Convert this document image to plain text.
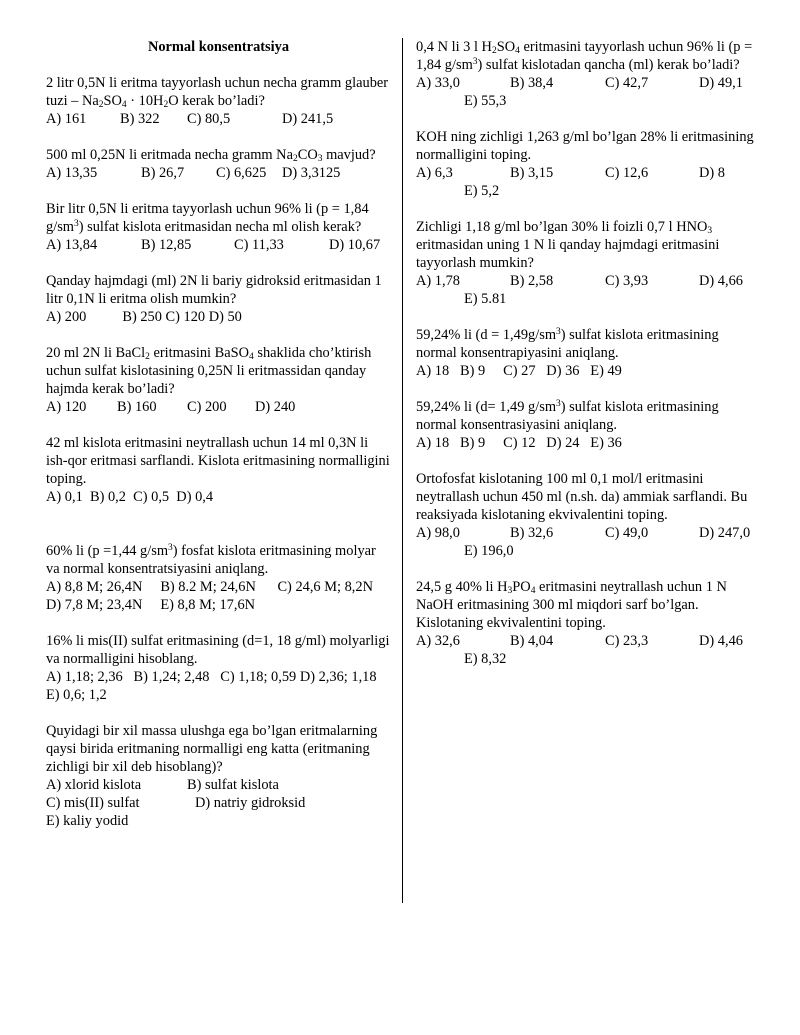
Normal konsentratsiya

2 litr 0,5N li eritma tayyorlash uchun necha gramm glauber tuzi – $Na_2SO_4 \cdot 10H_2O$ kerak bo’ladi?

A) 161 B) 322 C) 80,5	D) 241,5

500 ml 0,25N li eritmada necha gramm $Na_2CO_3$ mavjud?

A) 13,35	B) 26,7 C) 6,625 D) 3,3125

Bir litr 0,5N li eritma tayyorlash uchun 96% li (p = 1,84 $g/sm^3$) sulfat kislota eritmasidan necha ml olish kerak?

A) 13,84	B) 12,85	C) 11,33	D) 10,67

Qanday hajmdagi (ml) 2N li bariy gidroksid eritmasidan 1 litr 0,1N li eritma olish mumkin?

A) 200          B) 250 C) 120 D) 50

20 ml 2N li BaCl$_2$ eritmasini BaSO$_4$ shaklida cho’ktirish uchun sulfat kislotasining 0,25N li eritmassidan qanday hajmda kerak bo’ladi?

A) 120 B) 160 C) 200 D) 240

42 ml kislota eritmasini neytrallash uchun 14 ml 0,3N li ish-qor eritmasi sarflandi. Kislota eritmasining normalligini toping.

A) 0,1  B) 0,2  C) 0,5  D) 0,4

60% li (p =1,44 $g/sm^3$) fosfat kislota eritmasining molyar va normal konsentratsiyasini aniqlang.

A) 8,8 M; 26,4N     B) 8.2 M; 24,6N      C) 24,6 M; 8,2N

D) 7,8 M; 23,4N     E) 8,8 M; 17,6N

16% li mis(II) sulfat eritmasining (d=1, 18 g/ml) molyarligi va normalligini hisoblang.

A) 1,18; 2,36   B) 1,24; 2,48   C) 1,18; 0,59 D) 2,36; 1,18     E) 0,6; 1,2

Quyidagi bir xil massa ulushga ega bo’lgan eritmalarning qaysi birida eritmaning normalligi eng katta (eritmaning zichligi bir xil deb hisoblang)?

A) xlorid kislota	B) sulfat kislota
C) mis(II) sulfat	D) natriy gidroksid

E) kaliy yodid

0,4 N li 3 l $H_2SO_4$ eritmasini tayyorlash uchun 96% li (p = 1,84 $g/sm^3$) sulfat kislotadan qancha (ml) kerak bo’ladi?

A) 33,0	B) 38,4	C) 42,7	D) 49,1

E) 55,3

KOH ning zichligi 1,263 g/ml bo’lgan 28% li eritmasining normalligini toping.

A) 6,3	B) 3,15	C) 12,6	D) 8

E) 5,2

Zichligi 1,18 g/ml bo’lgan 30% li foizli 0,7 l $HNO_3$ eritmasidan uning 1 N li qanday hajmdagi eritmasini tayyorlash mumkin?

A) 1,78	B) 2,58	C) 3,93	D) 4,66

E) 5.81

59,24% li $(d = 1,49g/sm^3)$ sulfat kislota eritmasining normal konsentrapiyasini aniqlang.

A) 18   B) 9     C) 27   D) 36   E) 49

59,24% li (d= 1,49 $g/sm^3$) sulfat kislota eritmasining normal konsentrasiyasini aniqlang.

A) 18   B) 9     C) 12   D) 24   E) 36

Ortofosfat kislotaning 100 ml 0,1 mol/l eritmasini neytrallash uchun 450 ml (n.sh. da) ammiak sarflandi. Bu reaksiyada kislotaning ekvivalentini toping.

A) 98,0	B) 32,6	C) 49,0	D) 247,0

E) 196,0

24,5 g 40% li $H_3PO_4$ eritmasini neytrallash uchun 1 N NaOH eritmasining 300 ml miqdori sarf bo’lgan. Kislotaning ekvivalentini toping.

A) 32,6	B) 4,04	C) 23,3	D) 4,46

E) 8,32
